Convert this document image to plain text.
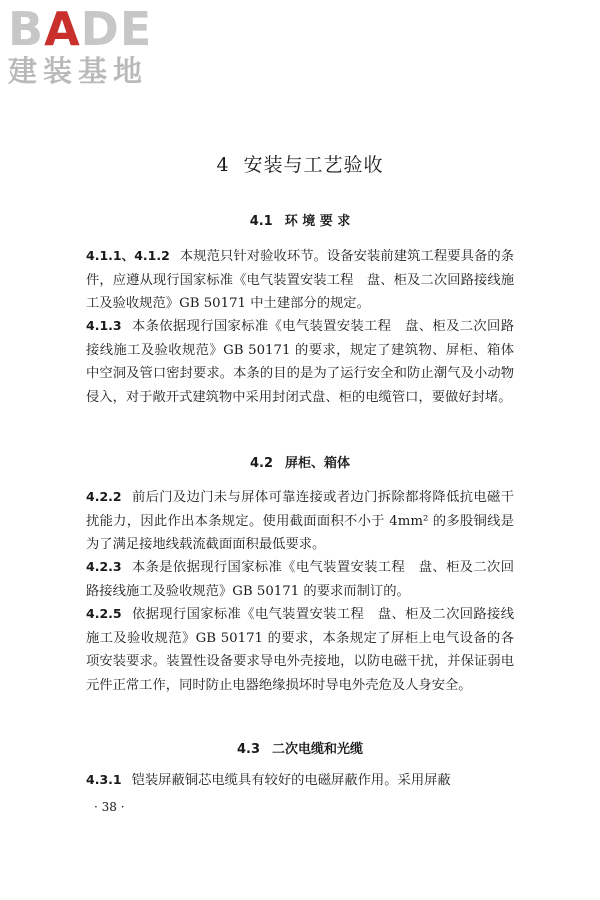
BADE
建装基地
4 安装与工艺验收
4.1 环 境 要 求

4.1.1、4.1.2 本规范只针对验收环节。设备安装前建筑工程要具备的条件，应遵从现行国家标准《电气装置安装工程　盘、柜及二次回路接线施工及验收规范》GB 50171 中土建部分的规定。

4.1.3 本条依据现行国家标准《电气装置安装工程　盘、柜及二次回路接线施工及验收规范》GB 50171 的要求，规定了建筑物、屏柜、箱体中空洞及管口密封要求。本条的目的是为了运行安全和防止潮气及小动物侵入，对于敞开式建筑物中采用封闭式盘、柜的电缆管口，要做好封堵。

4.2 屏柜、箱体

4.2.2 前后门及边门未与屏体可靠连接或者边门拆除都将降低抗电磁干扰能力，因此作出本条规定。使用截面面积不小于 4mm² 的多股铜线是为了满足接地线载流截面面积最低要求。

4.2.3 本条是依据现行国家标准《电气装置安装工程　盘、柜及二次回路接线施工及验收规范》GB 50171 的要求而制订的。

4.2.5 依据现行国家标准《电气装置安装工程　盘、柜及二次回路接线施工及验收规范》GB 50171 的要求，本条规定了屏柜上电气设备的各项安装要求。装置性设备要求导电外壳接地，以防电磁干扰，并保证弱电元件正常工作，同时防止电器绝缘损坏时导电外壳危及人身安全。

4.3 二次电缆和光缆

4.3.1 铠装屏蔽铜芯电缆具有较好的电磁屏蔽作用。采用屏蔽

· 38 ·
